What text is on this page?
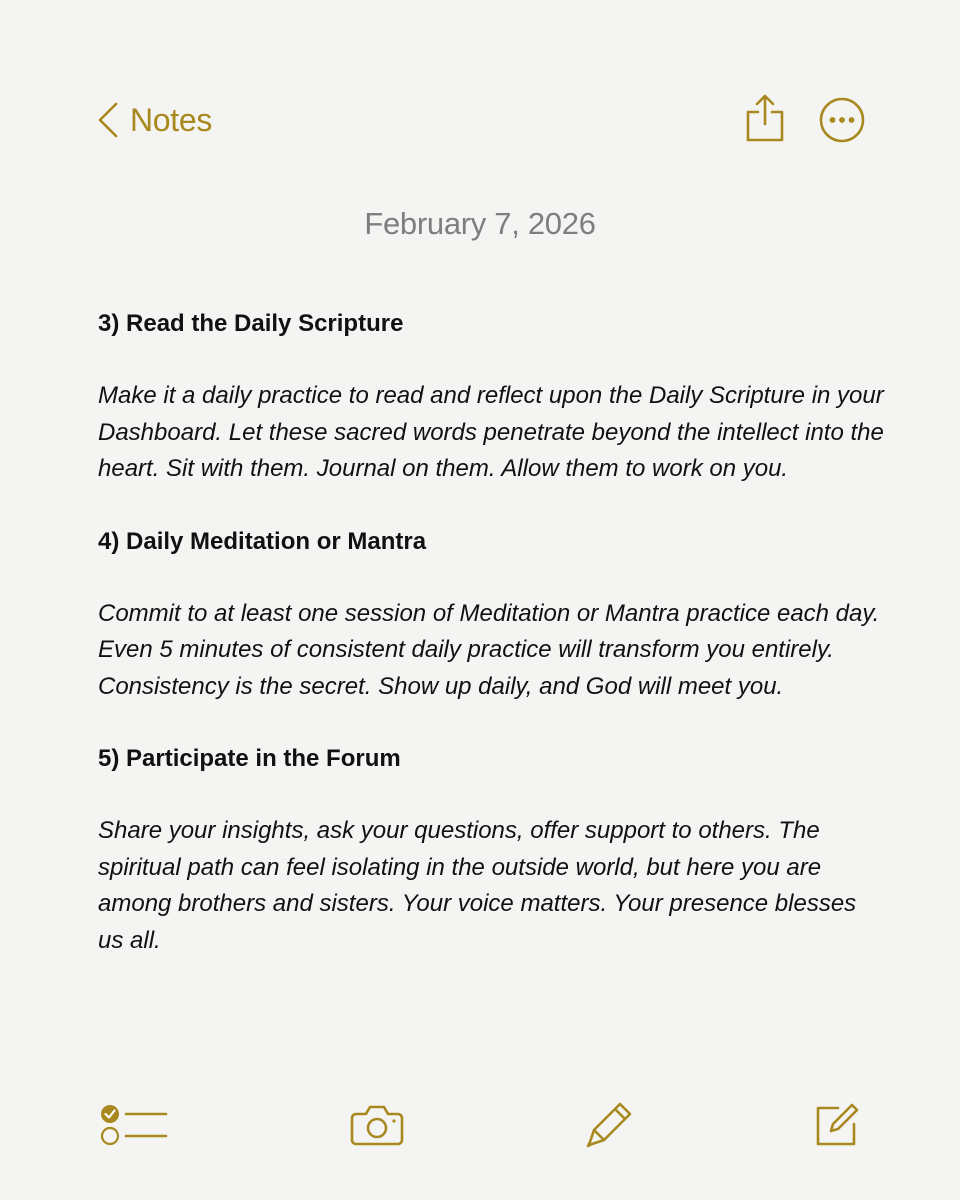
Notes
February 7, 2026
3) Read the Daily Scripture
Make it a daily practice to read and reflect upon the Daily Scripture in your Dashboard. Let these sacred words penetrate beyond the intellect into the heart. Sit with them. Journal on them. Allow them to work on you.
4) Daily Meditation or Mantra
Commit to at least one session of Meditation or Mantra practice each day. Even 5 minutes of consistent daily practice will transform you entirely. Consistency is the secret. Show up daily, and God will meet you.
5) Participate in the Forum
Share your insights, ask your questions, offer support to others. The spiritual path can feel isolating in the outside world, but here you are among brothers and sisters. Your voice matters. Your presence blesses us all.
